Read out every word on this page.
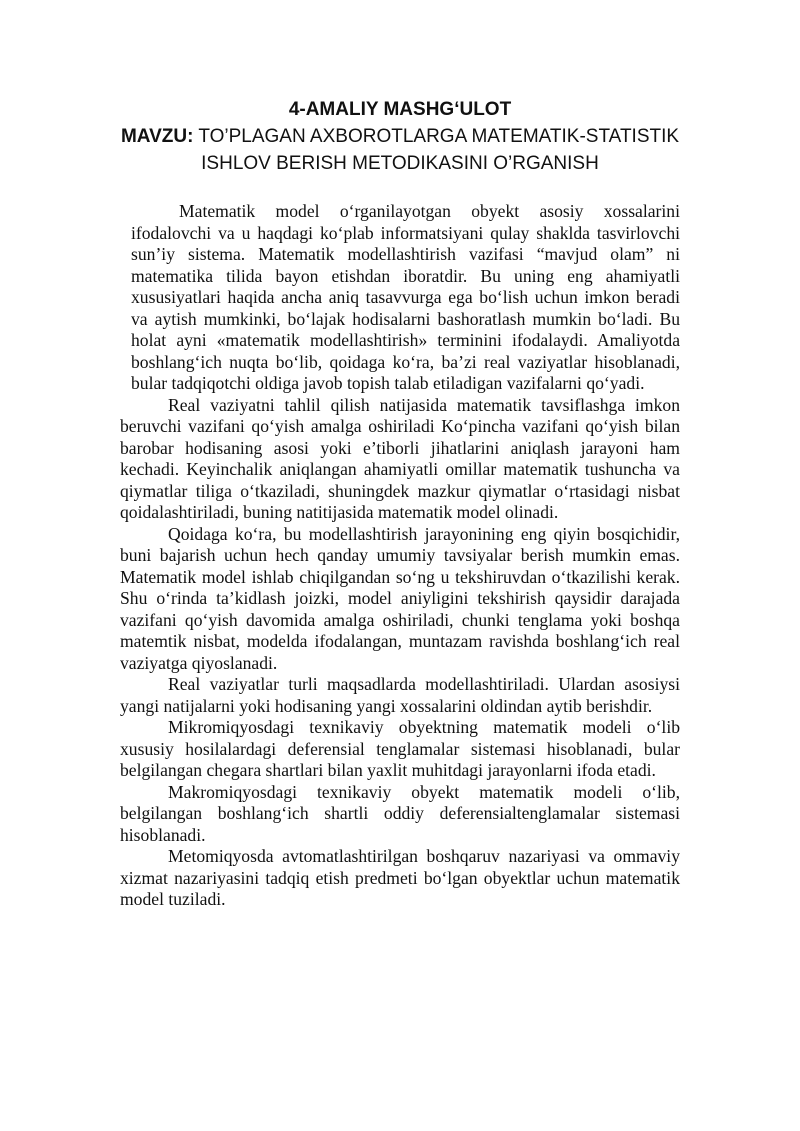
4-AMALIY MASHG‘ULOT

MAVZU: TO’PLAGAN AXBOROTLARGA MATEMATIK-STATISTIK ISHLOV BERISH METODIKASINI O’RGANISH

Matematik model o‘rganilayotgan obyekt asosiy xossalarini ifodalovchi va u haqdagi ko‘plab informatsiyani qulay shaklda tasvirlovchi sun’iy sistema. Matematik modellashtirish vazifasi “mavjud olam” ni matematika tilida bayon etishdan iboratdir. Bu uning eng ahamiyatli xususiyatlari haqida ancha aniq tasavvurga ega bo‘lish uchun imkon beradi va aytish mumkinki, bo‘lajak hodisalarni bashoratlash mumkin bo‘ladi. Bu holat ayni «matematik modellashtirish» terminini ifodalaydi. Amaliyotda boshlang‘ich nuqta bo‘lib, qoidaga ko‘ra, ba’zi real vaziyatlar hisoblanadi, bular tadqiqotchi oldiga javob topish talab etiladigan vazifalarni qo‘yadi.

Real vaziyatni tahlil qilish natijasida matematik tavsiflashga imkon beruvchi vazifani qo‘yish amalga oshiriladi Ko‘pincha vazifani qo‘yish bilan barobar hodisaning asosi yoki e’tiborli jihatlarini aniqlash jarayoni ham kechadi. Keyinchalik aniqlangan ahamiyatli omillar matematik tushuncha va qiymatlar tiliga o‘tkaziladi, shuningdek mazkur qiymatlar o‘rtasidagi nisbat qoidalashtiriladi, buning natitijasida matematik model olinadi.

Qoidaga ko‘ra, bu modellashtirish jarayonining eng qiyin bosqichidir, buni bajarish uchun hech qanday umumiy tavsiyalar berish mumkin emas. Matematik model ishlab chiqilgandan so‘ng u tekshiruvdan o‘tkazilishi kerak. Shu o‘rinda ta’kidlash joizki, model aniyligini tekshirish qaysidir darajada vazifani qo‘yish davomida amalga oshiriladi, chunki tenglama yoki boshqa matemtik nisbat, modelda ifodalangan, muntazam ravishda boshlang‘ich real vaziyatga qiyoslanadi.

Real vaziyatlar turli maqsadlarda modellashtiriladi. Ulardan asosiysi yangi natijalarni yoki hodisaning yangi xossalarini oldindan aytib berishdir.

Mikromiqyosdagi texnikaviy obyektning matematik modeli o‘lib xususiy hosilalardagi deferensial tenglamalar sistemasi hisoblanadi, bular belgilangan chegara shartlari bilan yaxlit muhitdagi jarayonlarni ifoda etadi.

Makromiqyosdagi texnikaviy obyekt matematik modeli o‘lib, belgilangan boshlang‘ich shartli oddiy deferensialtenglamalar sistemasi hisoblanadi.

Metomiqyosda avtomatlashtirilgan boshqaruv nazariyasi va ommaviy xizmat nazariyasini tadqiq etish predmeti bo‘lgan obyektlar uchun matematik model tuziladi.
